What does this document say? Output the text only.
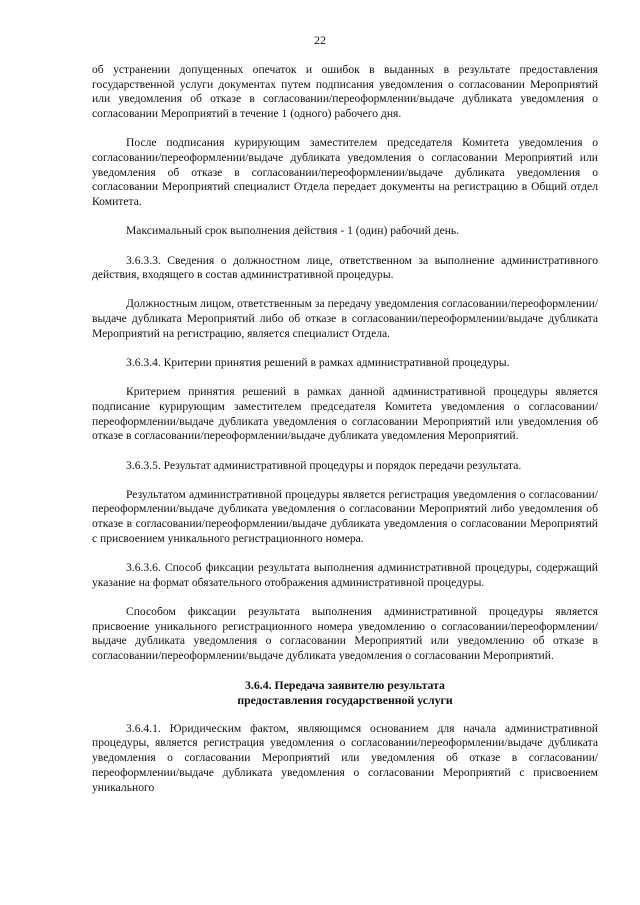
22

об устранении допущенных опечаток и ошибок в выданных в результате предоставления государственной услуги документах путем подписания уведомления о согласовании Мероприятий или уведомления об отказе в согласовании/переоформлении/выдаче дубликата уведомления о согласовании Мероприятий в течение 1 (одного) рабочего дня.

После подписания курирующим заместителем председателя Комитета уведомления о согласовании/переоформлении/выдаче дубликата уведомления о согласовании Мероприятий или уведомления об отказе в согласовании/переоформлении/выдаче дубликата уведомления о согласовании Мероприятий специалист Отдела передает документы на регистрацию в Общий отдел Комитета.

Максимальный срок выполнения действия - 1 (один) рабочий день.

3.6.3.3. Сведения о должностном лице, ответственном за выполнение административного действия, входящего в состав административной процедуры.

Должностным лицом, ответственным за передачу уведомления согласовании/переоформлении/выдаче дубликата Мероприятий либо об отказе в согласовании/переоформлении/выдаче дубликата Мероприятий на регистрацию, является специалист Отдела.

3.6.3.4. Критерии принятия решений в рамках административной процедуры.

Критерием принятия решений в рамках данной административной процедуры является подписание курирующим заместителем председателя Комитета уведомления о согласовании/переоформлении/выдаче дубликата уведомления о согласовании Мероприятий или уведомления об отказе в согласовании/переоформлении/выдаче дубликата уведомления Мероприятий.

3.6.3.5. Результат административной процедуры и порядок передачи результата.

Результатом административной процедуры является регистрация уведомления о согласовании/переоформлении/выдаче дубликата уведомления о согласовании Мероприятий либо уведомления об отказе в согласовании/переоформлении/выдаче дубликата уведомления о согласовании Мероприятий с присвоением уникального регистрационного номера.

3.6.3.6. Способ фиксации результата выполнения административной процедуры, содержащий указание на формат обязательного отображения административной процедуры.

Способом фиксации результата выполнения административной процедуры является присвоение уникального регистрационного номера уведомлению о согласовании/переоформлении/выдаче дубликата уведомления о согласовании Мероприятий или уведомлению об отказе в согласовании/переоформлении/выдаче дубликата уведомления о согласовании Мероприятий.

3.6.4. Передача заявителю результата
предоставления государственной услуги

3.6.4.1. Юридическим фактом, являющимся основанием для начала административной процедуры, является регистрация уведомления о согласовании/переоформлении/выдаче дубликата уведомления о согласовании Мероприятий или уведомления об отказе в согласовании/переоформлении/выдаче дубликата уведомления о согласовании Мероприятий с присвоением уникального
